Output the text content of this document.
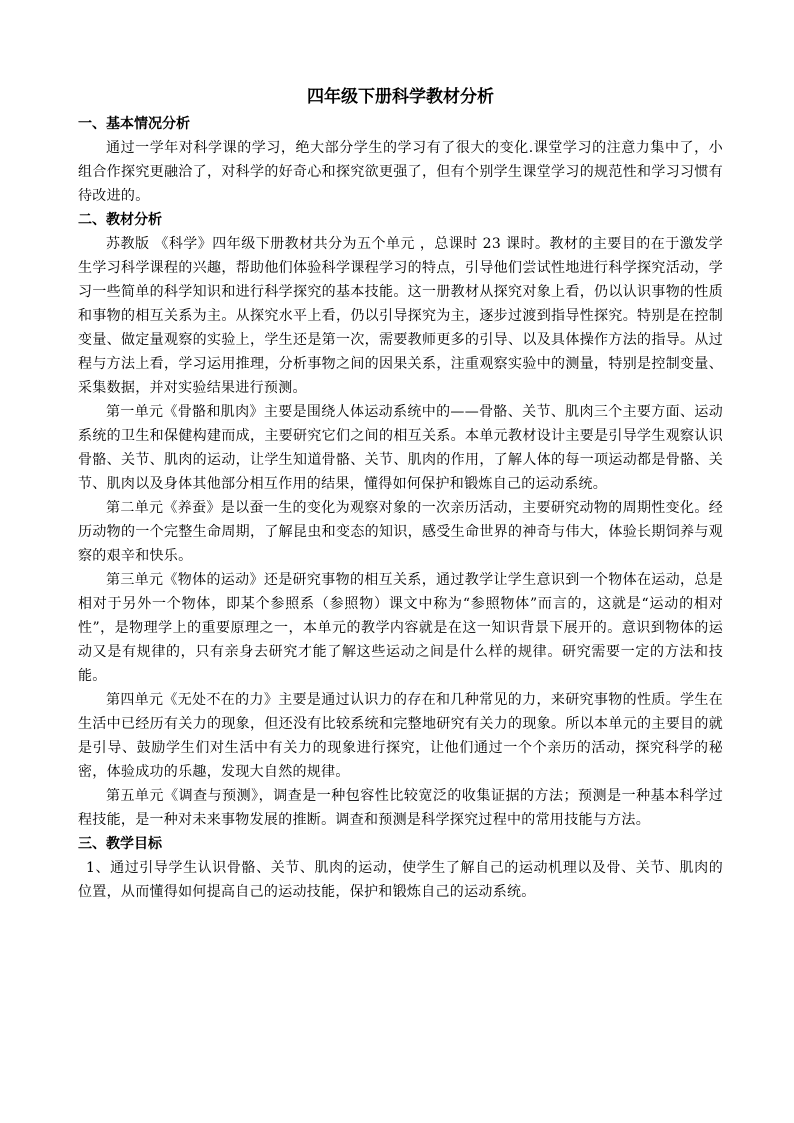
四年级下册科学教材分析
一、基本情况分析

通过一学年对科学课的学习，绝大部分学生的学习有了很大的变化.课堂学习的注意力集中了，小组合作探究更融洽了，对科学的好奇心和探究欲更强了，但有个别学生课堂学习的规范性和学习习惯有待改进的。

二、教材分析

苏教版 《科学》四年级下册教材共分为五个单元 ，总课时 23 课时。教材的主要目的在于激发学生学习科学课程的兴趣，帮助他们体验科学课程学习的特点，引导他们尝试性地进行科学探究活动，学习一些简单的科学知识和进行科学探究的基本技能。这一册教材从探究对象上看，仍以认识事物的性质和事物的相互关系为主。从探究水平上看，仍以引导探究为主，逐步过渡到指导性探究。特别是在控制变量、做定量观察的实验上，学生还是第一次，需要教师更多的引导、以及具体操作方法的指导。从过程与方法上看，学习运用推理，分析事物之间的因果关系，注重观察实验中的测量，特别是控制变量、采集数据，并对实验结果进行预测。

第一单元《骨骼和肌肉》主要是围绕人体运动系统中的——骨骼、关节、肌肉三个主要方面、运动系统的卫生和保健构建而成，主要研究它们之间的相互关系。本单元教材设计主要是引导学生观察认识骨骼、关节、肌肉的运动，让学生知道骨骼、关节、肌肉的作用，了解人体的每一项运动都是骨骼、关节、肌肉以及身体其他部分相互作用的结果，懂得如何保护和锻炼自己的运动系统。

第二单元《养蚕》是以蚕一生的变化为观察对象的一次亲历活动，主要研究动物的周期性变化。经历动物的一个完整生命周期，了解昆虫和变态的知识，感受生命世界的神奇与伟大，体验长期饲养与观察的艰辛和快乐。

第三单元《物体的运动》还是研究事物的相互关系，通过教学让学生意识到一个物体在运动，总是相对于另外一个物体，即某个参照系（参照物）课文中称为“参照物体”而言的，这就是“运动的相对性”，是物理学上的重要原理之一，本单元的教学内容就是在这一知识背景下展开的。意识到物体的运动又是有规律的，只有亲身去研究才能了解这些运动之间是什么样的规律。研究需要一定的方法和技能。

第四单元《无处不在的力》主要是通过认识力的存在和几种常见的力，来研究事物的性质。学生在生活中已经历有关力的现象，但还没有比较系统和完整地研究有关力的现象。所以本单元的主要目的就是引导、鼓励学生们对生活中有关力的现象进行探究，让他们通过一个个亲历的活动，探究科学的秘密，体验成功的乐趣，发现大自然的规律。

第五单元《调查与预测》，调查是一种包容性比较宽泛的收集证据的方法；预测是一种基本科学过程技能，是一种对未来事物发展的推断。调查和预测是科学探究过程中的常用技能与方法。

三、教学目标

1、通过引导学生认识骨骼、关节、肌肉的运动，使学生了解自己的运动机理以及骨、关节、肌肉的位置，从而懂得如何提高自己的运动技能，保护和锻炼自己的运动系统。
